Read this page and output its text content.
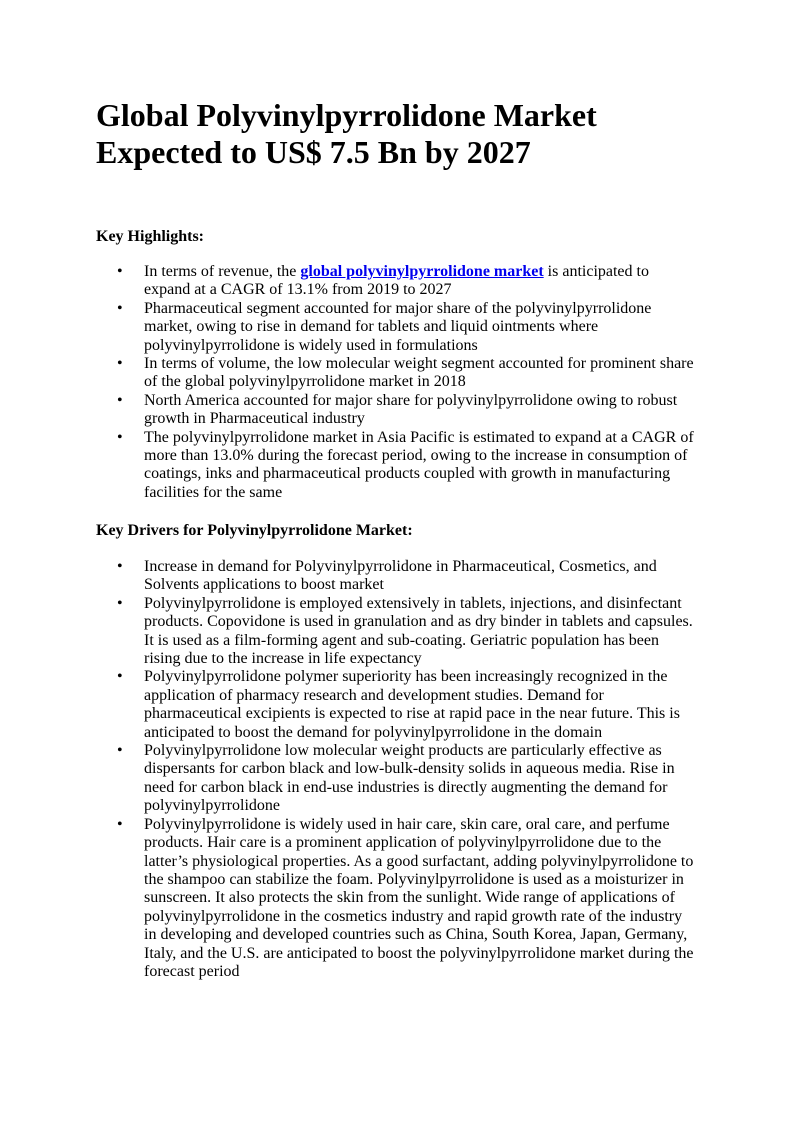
Global Polyvinylpyrrolidone Market
Expected to US$ 7.5 Bn by 2027

Key Highlights:

• In terms of revenue, the global polyvinylpyrrolidone market is anticipated to expand at a CAGR of 13.1% from 2019 to 2027
• Pharmaceutical segment accounted for major share of the polyvinylpyrrolidone market, owing to rise in demand for tablets and liquid ointments where polyvinylpyrrolidone is widely used in formulations
• In terms of volume, the low molecular weight segment accounted for prominent share of the global polyvinylpyrrolidone market in 2018
• North America accounted for major share for polyvinylpyrrolidone owing to robust growth in Pharmaceutical industry
• The polyvinylpyrrolidone market in Asia Pacific is estimated to expand at a CAGR of more than 13.0% during the forecast period, owing to the increase in consumption of coatings, inks and pharmaceutical products coupled with growth in manufacturing facilities for the same

Key Drivers for Polyvinylpyrrolidone Market:

• Increase in demand for Polyvinylpyrrolidone in Pharmaceutical, Cosmetics, and Solvents applications to boost market
• Polyvinylpyrrolidone is employed extensively in tablets, injections, and disinfectant products. Copovidone is used in granulation and as dry binder in tablets and capsules. It is used as a film-forming agent and sub-coating. Geriatric population has been rising due to the increase in life expectancy
• Polyvinylpyrrolidone polymer superiority has been increasingly recognized in the application of pharmacy research and development studies. Demand for pharmaceutical excipients is expected to rise at rapid pace in the near future. This is anticipated to boost the demand for polyvinylpyrrolidone in the domain
• Polyvinylpyrrolidone low molecular weight products are particularly effective as dispersants for carbon black and low-bulk-density solids in aqueous media. Rise in need for carbon black in end-use industries is directly augmenting the demand for polyvinylpyrrolidone
• Polyvinylpyrrolidone is widely used in hair care, skin care, oral care, and perfume products. Hair care is a prominent application of polyvinylpyrrolidone due to the latter’s physiological properties. As a good surfactant, adding polyvinylpyrrolidone to the shampoo can stabilize the foam. Polyvinylpyrrolidone is used as a moisturizer in sunscreen. It also protects the skin from the sunlight. Wide range of applications of polyvinylpyrrolidone in the cosmetics industry and rapid growth rate of the industry in developing and developed countries such as China, South Korea, Japan, Germany, Italy, and the U.S. are anticipated to boost the polyvinylpyrrolidone market during the forecast period
